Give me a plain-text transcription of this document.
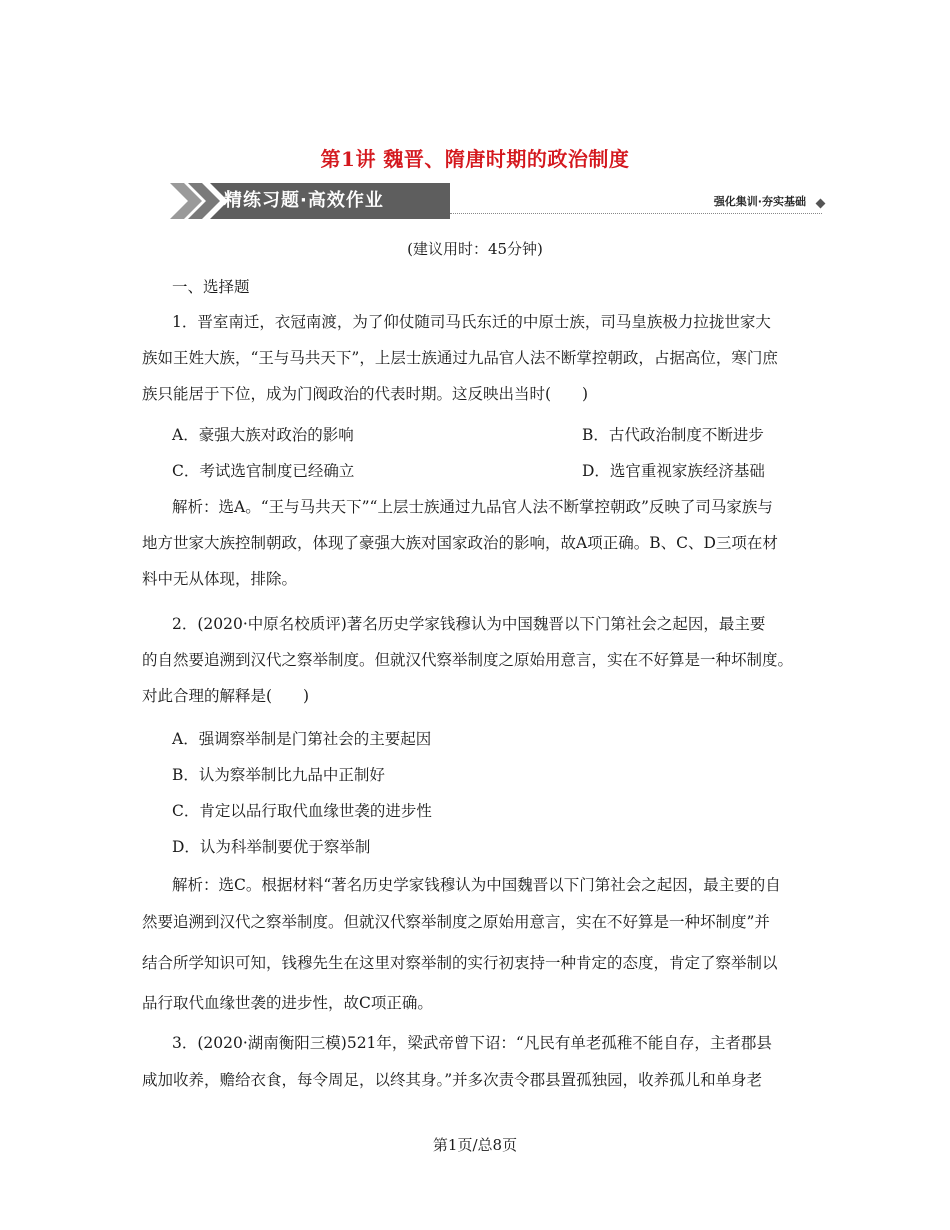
第1讲 魏晋、隋唐时期的政治制度
精练习题·高效作业	强化集训·夯实基础
(建议用时：45分钟)
一、选择题
1．晋室南迁，衣冠南渡，为了仰仗随司马氏东迁的中原士族，司马皇族极力拉拢世家大
族如王姓大族，“王与马共天下”，上层士族通过九品官人法不断掌控朝政，占据高位，寒门庶
族只能居于下位，成为门阀政治的代表时期。这反映出当时(　　)
A．豪强大族对政治的影响	B．古代政治制度不断进步
C．考试选官制度已经确立	D．选官重视家族经济基础
解析：选A。“王与马共天下”“上层士族通过九品官人法不断掌控朝政”反映了司马家族与
地方世家大族控制朝政，体现了豪强大族对国家政治的影响，故A项正确。B、C、D三项在材
料中无从体现，排除。
2．(2020·中原名校质评)著名历史学家钱穆认为中国魏晋以下门第社会之起因，最主要
的自然要追溯到汉代之察举制度。但就汉代察举制度之原始用意言，实在不好算是一种坏制度。
对此合理的解释是(　　)
A．强调察举制是门第社会的主要起因
B．认为察举制比九品中正制好
C．肯定以品行取代血缘世袭的进步性
D．认为科举制要优于察举制
解析：选C。根据材料“著名历史学家钱穆认为中国魏晋以下门第社会之起因，最主要的自
然要追溯到汉代之察举制度。但就汉代察举制度之原始用意言，实在不好算是一种坏制度”并
结合所学知识可知，钱穆先生在这里对察举制的实行初衷持一种肯定的态度，肯定了察举制以
品行取代血缘世袭的进步性，故C项正确。
3．(2020·湖南衡阳三模)521年，梁武帝曾下诏：“凡民有单老孤稚不能自存，主者郡县
咸加收养，赡给衣食，每令周足，以终其身。”并多次责令郡县置孤独园，收养孤儿和单身老
第1页/总8页
